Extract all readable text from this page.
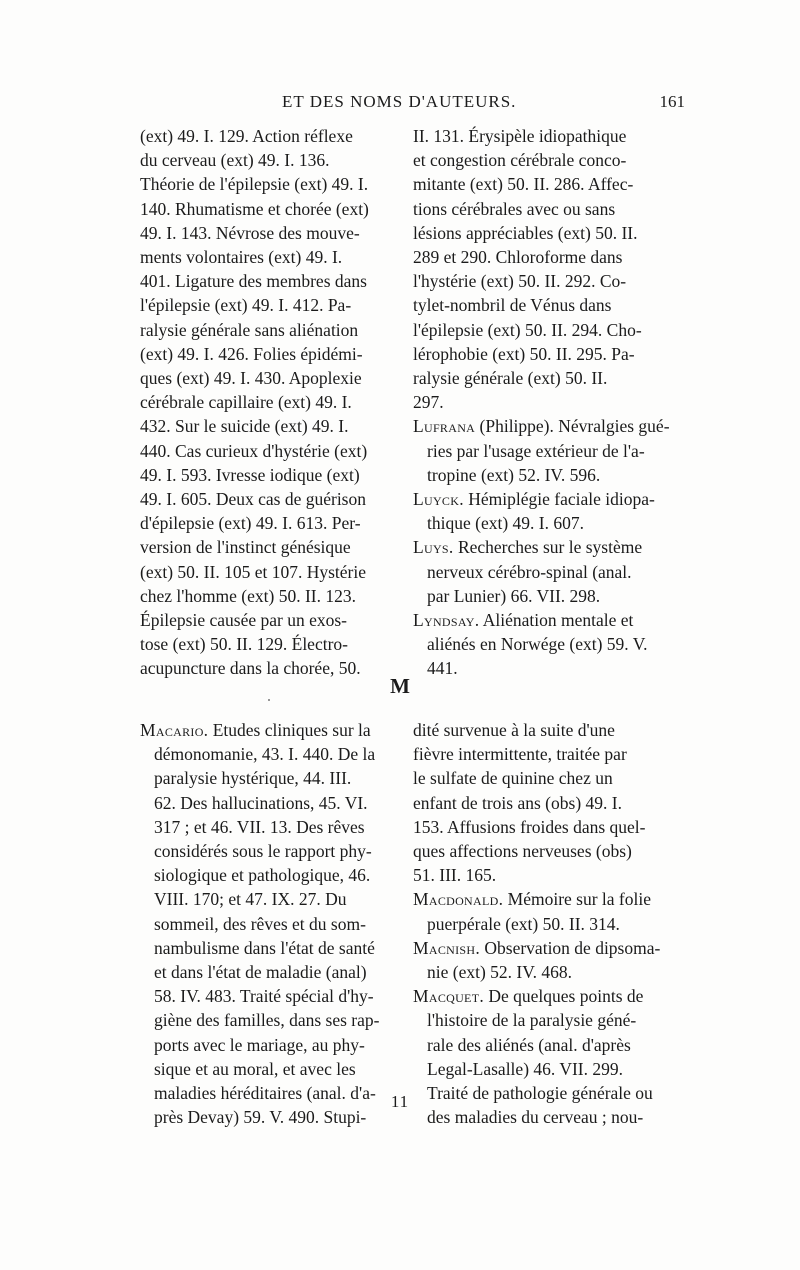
ET DES NOMS D'AUTEURS.	161
(ext) 49. I. 129. Action réflexe
du cerveau (ext) 49. I. 136.
Théorie de l'épilepsie (ext) 49. I.
140. Rhumatisme et chorée (ext)
49. I. 143. Névrose des mouve-
ments volontaires (ext) 49. I.
401. Ligature des membres dans
l'épilepsie (ext) 49. I. 412. Pa-
ralysie générale sans aliénation
(ext) 49. I. 426. Folies épidémi-
ques (ext) 49. I. 430. Apoplexie
cérébrale capillaire (ext) 49. I.
432. Sur le suicide (ext) 49. I.
440. Cas curieux d'hystérie (ext)
49. I. 593. Ivresse iodique (ext)
49. I. 605. Deux cas de guérison
d'épilepsie (ext) 49. I. 613. Per-
version de l'instinct génésique
(ext) 50. II. 105 et 107. Hystérie
chez l'homme (ext) 50. II. 123.
Épilepsie causée par un exos-
tose (ext) 50. II. 129. Électro-
acupuncture dans la chorée, 50.
II. 131. Érysipèle idiopathique
et congestion cérébrale conco-
mitante (ext) 50. II. 286. Affec-
tions cérébrales avec ou sans
lésions appréciables (ext) 50. II.
289 et 290. Chloroforme dans
l'hystérie (ext) 50. II. 292. Co-
tylet-nombril de Vénus dans
l'épilepsie (ext) 50. II. 294. Cho-
lérophobie (ext) 50. II. 295. Pa-
ralysie générale (ext) 50. II.
297.
Lufrana (Philippe). Névralgies gué-
ries par l'usage extérieur de l'a-
tropine (ext) 52. IV. 596.
Luyck. Hémiplégie faciale idiopa-
thique (ext) 49. I. 607.
Luys. Recherches sur le système
nerveux cérébro-spinal (anal.
par Lunier) 66. VII. 298.
Lyndsay. Aliénation mentale et
aliénés en Norwége (ext) 59. V.
441.
M
Macario. Etudes cliniques sur la
démonomanie, 43. I. 440. De la
paralysie hystérique, 44. III.
62. Des hallucinations, 45. VI.
317 ; et 46. VII. 13. Des rêves
considérés sous le rapport phy-
siologique et pathologique, 46.
VIII. 170; et 47. IX. 27. Du
sommeil, des rêves et du som-
nambulisme dans l'état de santé
et dans l'état de maladie (anal)
58. IV. 483. Traité spécial d'hy-
giène des familles, dans ses rap-
ports avec le mariage, au phy-
sique et au moral, et avec les
maladies héréditaires (anal. d'a-
près Devay) 59. V. 490. Stupi-
dité survenue à la suite d'une
fièvre intermittente, traitée par
le sulfate de quinine chez un
enfant de trois ans (obs) 49. I.
153. Affusions froides dans quel-
ques affections nerveuses (obs)
51. III. 165.
Macdonald. Mémoire sur la folie
puerpérale (ext) 50. II. 314.
Macnish. Observation de dipsoma-
nie (ext) 52. IV. 468.
Macquet. De quelques points de
l'histoire de la paralysie géné-
rale des aliénés (anal. d'après
Legal-Lasalle) 46. VII. 299.
Traité de pathologie générale ou
des maladies du cerveau ; nou-
11
